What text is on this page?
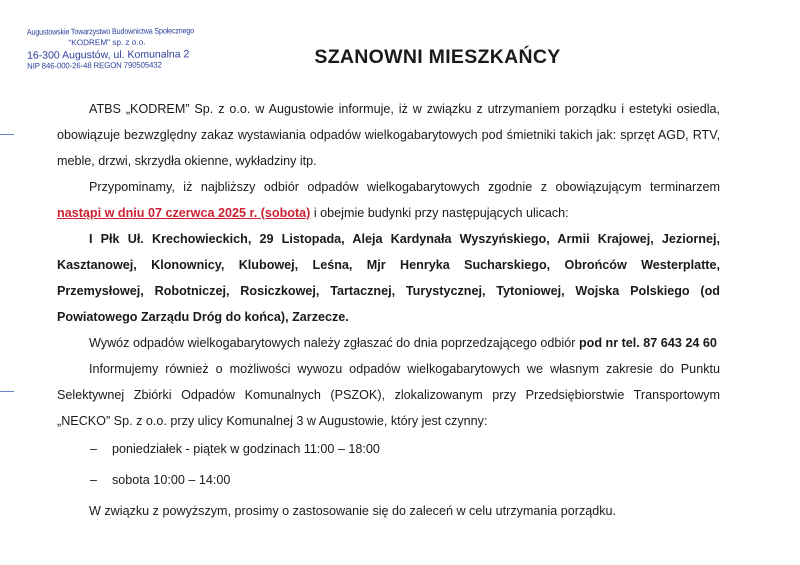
Augustowskie Towarzystwo Budownictwa Społecznego
"KODREM" sp. z o.o.
16-300 Augustów, ul. Komunalna 2
NIP 846-000-26-48 REGON 790505432	SZANOWNI MIESZKAŃCY

ATBS „KODREM” Sp. z o.o. w Augustowie informuje, iż w związku z utrzymaniem porządku i estetyki osiedla, obowiązuje bezwzględny zakaz wystawiania odpadów wielkogabarytowych pod śmietniki takich jak: sprzęt AGD, RTV, meble, drzwi, skrzydła okienne, wykładziny itp.

Przypominamy, iż najbliższy odbiór odpadów wielkogabarytowych zgodnie z obowiązującym terminarzem nastąpi w dniu 07 czerwca 2025 r. (sobota) i obejmie budynki przy następujących ulicach:

I Płk Uł. Krechowieckich, 29 Listopada, Aleja Kardynała Wyszyńskiego, Armii Krajowej, Jeziornej, Kasztanowej, Klonownicy, Klubowej, Leśna, Mjr Henryka Sucharskiego, Obrońców Westerplatte, Przemysłowej, Robotniczej, Rosiczkowej, Tartacznej, Turystycznej, Tytoniowej, Wojska Polskiego (od Powiatowego Zarządu Dróg do końca), Zarzecze.

Wywóz odpadów wielkogabarytowych należy zgłaszać do dnia poprzedzającego odbiór pod nr tel. 87 643 24 60

Informujemy również o możliwości wywozu odpadów wielkogabarytowych we własnym zakresie do Punktu Selektywnej Zbiórki Odpadów Komunalnych (PSZOK), zlokalizowanym przy Przedsiębiorstwie Transportowym „NECKO” Sp. z o.o. przy ulicy Komunalnej 3 w Augustowie, który jest czynny:

– poniedziałek - piątek w godzinach 11:00 – 18:00

– sobota 10:00 – 14:00

W związku z powyższym, prosimy o zastosowanie się do zaleceń w celu utrzymania porządku.
